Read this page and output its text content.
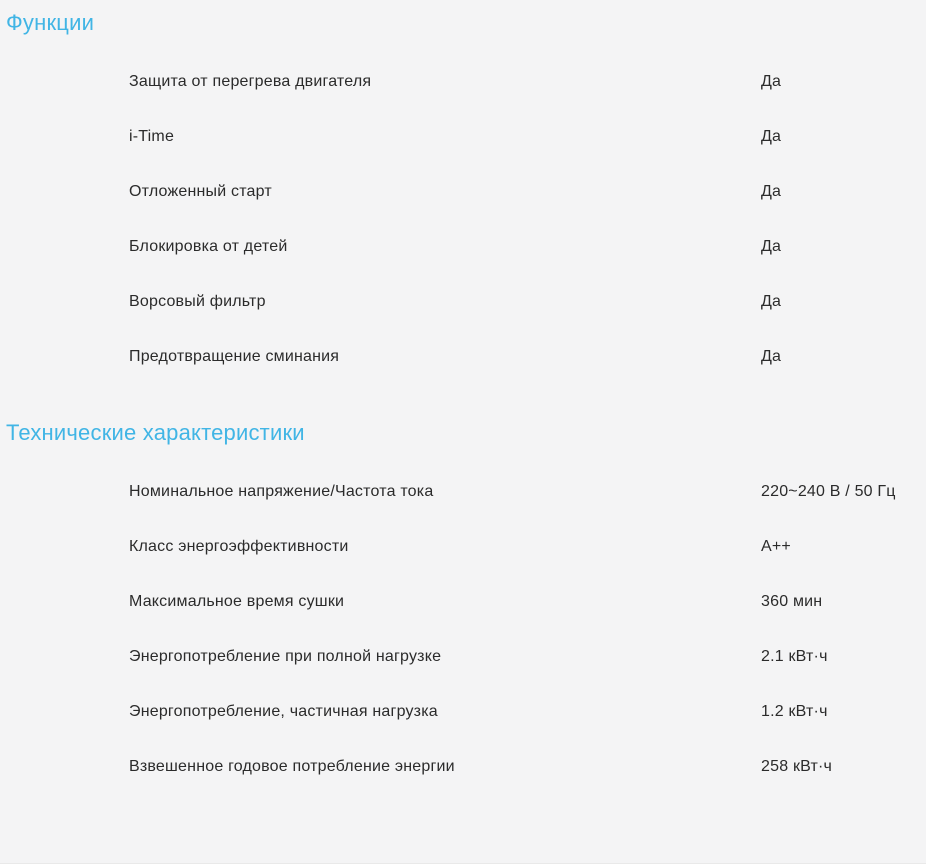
Функции
Защита от перегрева двигателя	Да
i-Time	Да
Отложенный старт	Да
Блокировка от детей	Да
Ворсовый фильтр	Да
Предотвращение сминания	Да
Технические характеристики
Номинальное напряжение/Частота тока	220~240 В / 50 Гц
Класс энергоэффективности	A++
Максимальное время сушки	360 мин
Энергопотребление при полной нагрузке	2.1 кВт·ч
Энергопотребление, частичная нагрузка	1.2 кВт·ч
Взвешенное годовое потребление энергии	258 кВт·ч
